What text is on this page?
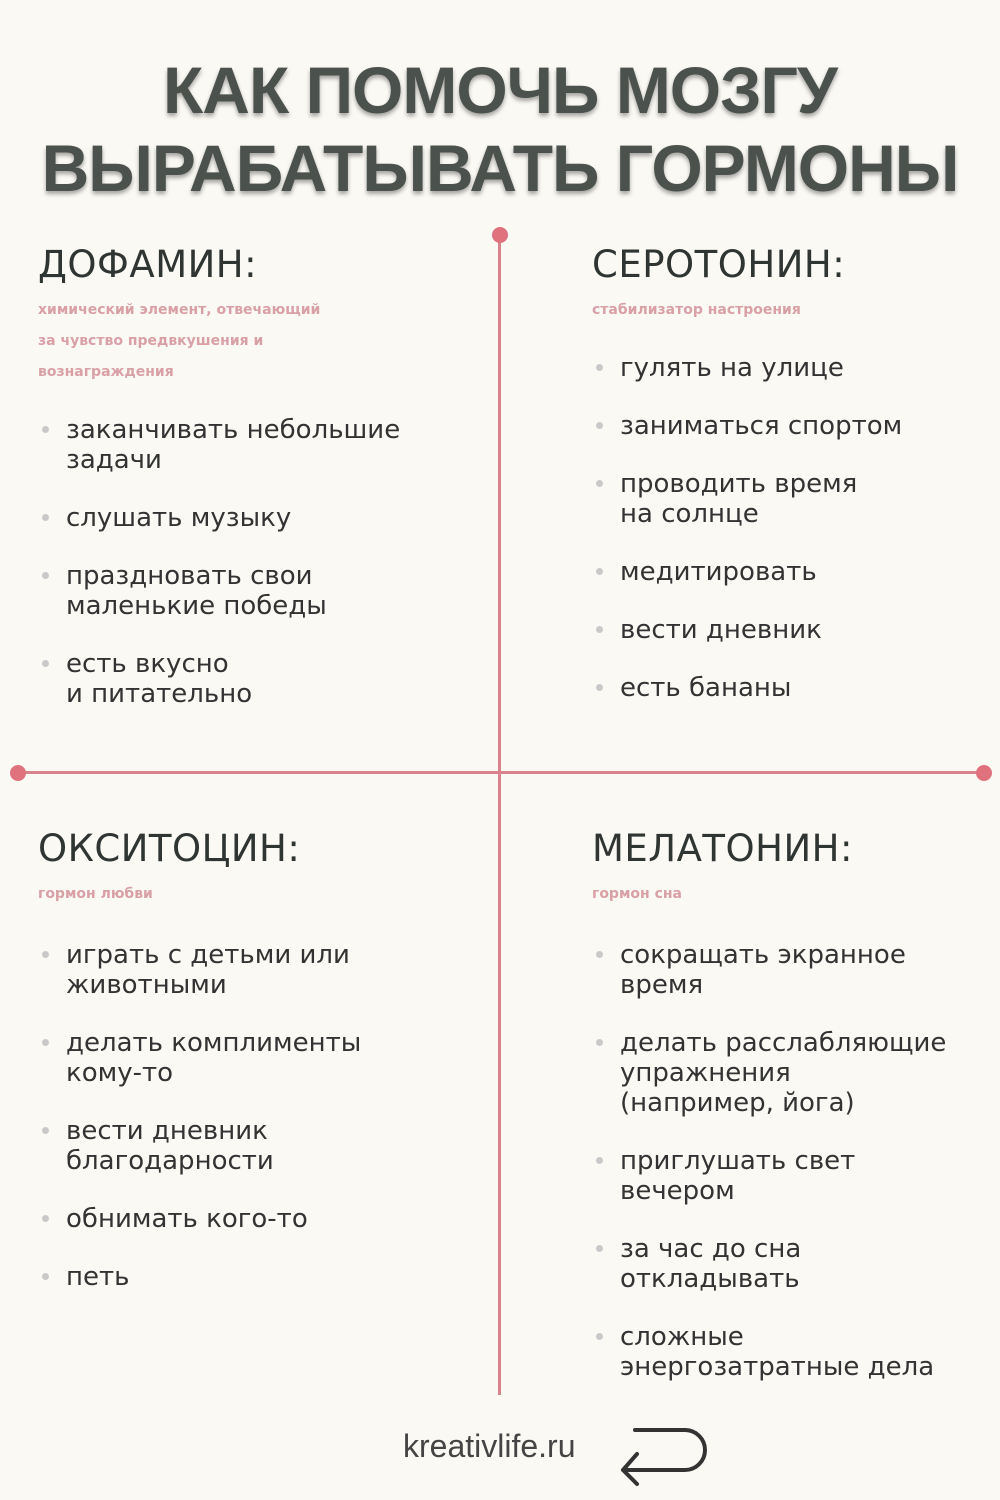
КАК ПОМОЧЬ МОЗГУ
ВЫРАБАТЫВАТЬ ГОРМОНЫ
ДОФАМИН:
химический элемент, отвечающий
за чувство предвкушения и
вознаграждения
заканчивать небольшие
задачи
слушать музыку
праздновать свои
маленькие победы
есть вкусно
и питательно
СЕРОТОНИН:
стабилизатор настроения
гулять на улице
заниматься спортом
проводить время
на солнце
медитировать
вести дневник
есть бананы
ОКСИТОЦИН:
гормон любви
играть с детьми или
животными
делать комплименты
кому-то
вести дневник
благодарности
обнимать кого-то
петь
МЕЛАТОНИН:
гормон сна
сокращать экранное
время
делать расслабляющие
упражнения
(например, йога)
приглушать свет
вечером
за час до сна
откладывать
сложные
энергозатратные дела
kreativlife.ru
